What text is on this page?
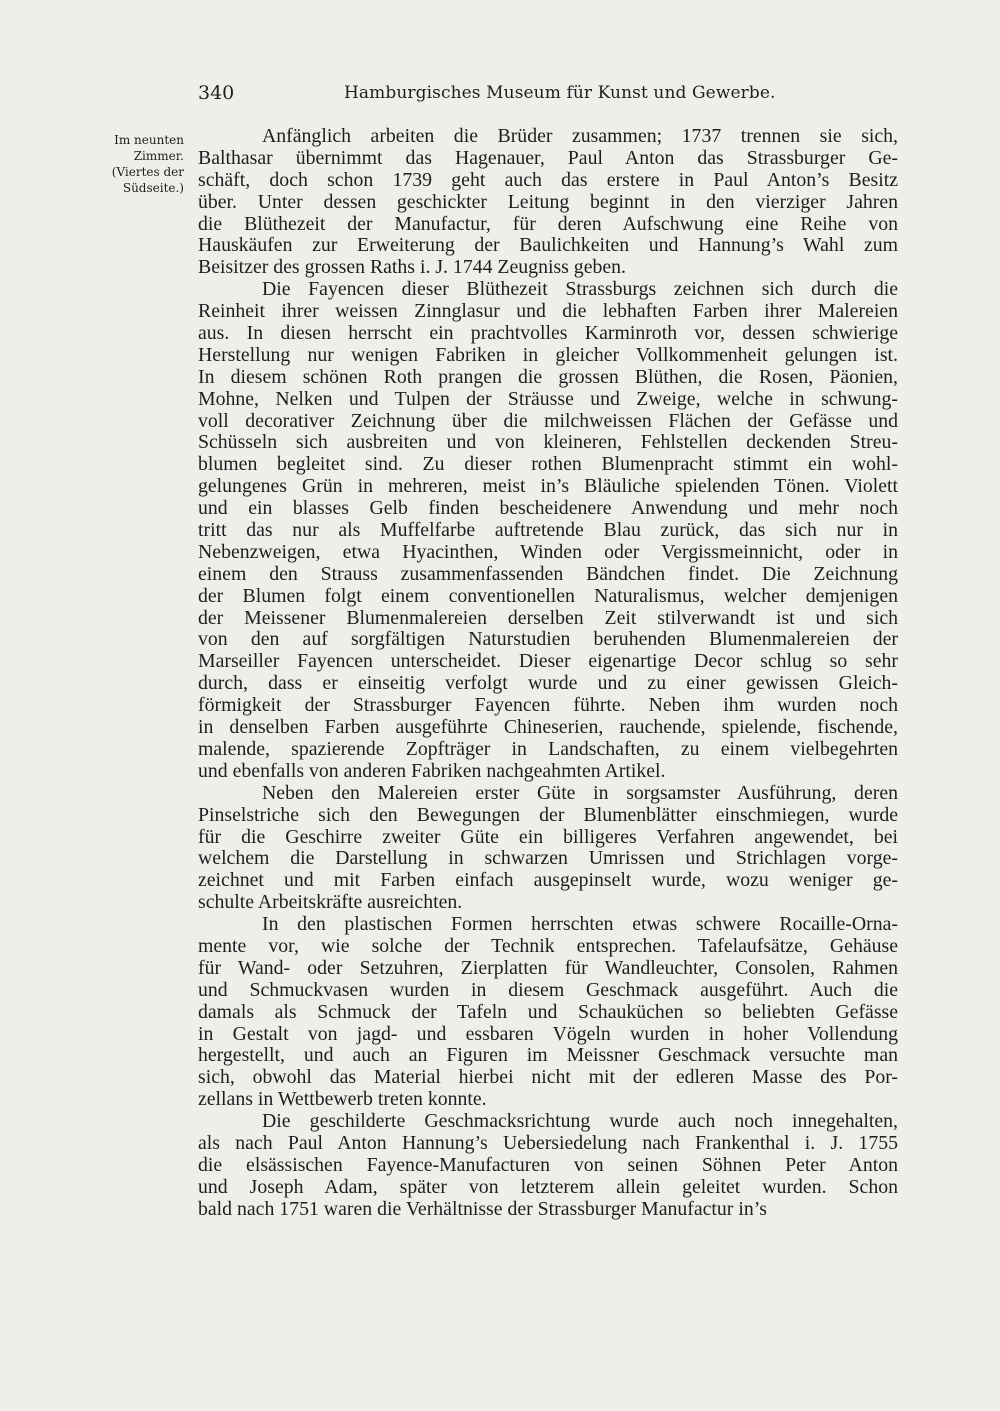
340	Hamburgisches Museum für Kunst und Gewerbe.
Im neunten
Zimmer.
(Viertes der
Südseite.)
Anfänglich arbeiten die Brüder zusammen; 1737 trennen sie sich,
Balthasar übernimmt das Hagenauer, Paul Anton das Strassburger Ge-
schäft, doch schon 1739 geht auch das erstere in Paul Anton’s Besitz
über. Unter dessen geschickter Leitung beginnt in den vierziger Jahren
die Blüthezeit der Manufactur, für deren Aufschwung eine Reihe von
Hauskäufen zur Erweiterung der Baulichkeiten und Hannung’s Wahl zum
Beisitzer des grossen Raths i. J. 1744 Zeugniss geben.
Die Fayencen dieser Blüthezeit Strassburgs zeichnen sich durch die
Reinheit ihrer weissen Zinnglasur und die lebhaften Farben ihrer Malereien
aus. In diesen herrscht ein prachtvolles Karminroth vor, dessen schwierige
Herstellung nur wenigen Fabriken in gleicher Vollkommenheit gelungen ist.
In diesem schönen Roth prangen die grossen Blüthen, die Rosen, Päonien,
Mohne, Nelken und Tulpen der Sträusse und Zweige, welche in schwung-
voll decorativer Zeichnung über die milchweissen Flächen der Gefässe und
Schüsseln sich ausbreiten und von kleineren, Fehlstellen deckenden Streu-
blumen begleitet sind. Zu dieser rothen Blumenpracht stimmt ein wohl-
gelungenes Grün in mehreren, meist in’s Bläuliche spielenden Tönen. Violett
und ein blasses Gelb finden bescheidenere Anwendung und mehr noch
tritt das nur als Muffelfarbe auftretende Blau zurück, das sich nur in
Nebenzweigen, etwa Hyacinthen, Winden oder Vergissmeinnicht, oder in
einem den Strauss zusammenfassenden Bändchen findet. Die Zeichnung
der Blumen folgt einem conventionellen Naturalismus, welcher demjenigen
der Meissener Blumenmalereien derselben Zeit stilverwandt ist und sich
von den auf sorgfältigen Naturstudien beruhenden Blumenmalereien der
Marseiller Fayencen unterscheidet. Dieser eigenartige Decor schlug so sehr
durch, dass er einseitig verfolgt wurde und zu einer gewissen Gleich-
förmigkeit der Strassburger Fayencen führte. Neben ihm wurden noch
in denselben Farben ausgeführte Chineserien, rauchende, spielende, fischende,
malende, spazierende Zopfträger in Landschaften, zu einem vielbegehrten
und ebenfalls von anderen Fabriken nachgeahmten Artikel.
Neben den Malereien erster Güte in sorgsamster Ausführung, deren
Pinselstriche sich den Bewegungen der Blumenblätter einschmiegen, wurde
für die Geschirre zweiter Güte ein billigeres Verfahren angewendet, bei
welchem die Darstellung in schwarzen Umrissen und Strichlagen vorge-
zeichnet und mit Farben einfach ausgepinselt wurde, wozu weniger ge-
schulte Arbeitskräfte ausreichten.
In den plastischen Formen herrschten etwas schwere Rocaille-Orna-
mente vor, wie solche der Technik entsprechen. Tafelaufsätze, Gehäuse
für Wand- oder Setzuhren, Zierplatten für Wandleuchter, Consolen, Rahmen
und Schmuckvasen wurden in diesem Geschmack ausgeführt. Auch die
damals als Schmuck der Tafeln und Schauküchen so beliebten Gefässe
in Gestalt von jagd- und essbaren Vögeln wurden in hoher Vollendung
hergestellt, und auch an Figuren im Meissner Geschmack versuchte man
sich, obwohl das Material hierbei nicht mit der edleren Masse des Por-
zellans in Wettbewerb treten konnte.
Die geschilderte Geschmacksrichtung wurde auch noch innegehalten,
als nach Paul Anton Hannung’s Uebersiedelung nach Frankenthal i. J. 1755
die elsässischen Fayence-Manufacturen von seinen Söhnen Peter Anton
und Joseph Adam, später von letzterem allein geleitet wurden. Schon
bald nach 1751 waren die Verhältnisse der Strassburger Manufactur in’s
